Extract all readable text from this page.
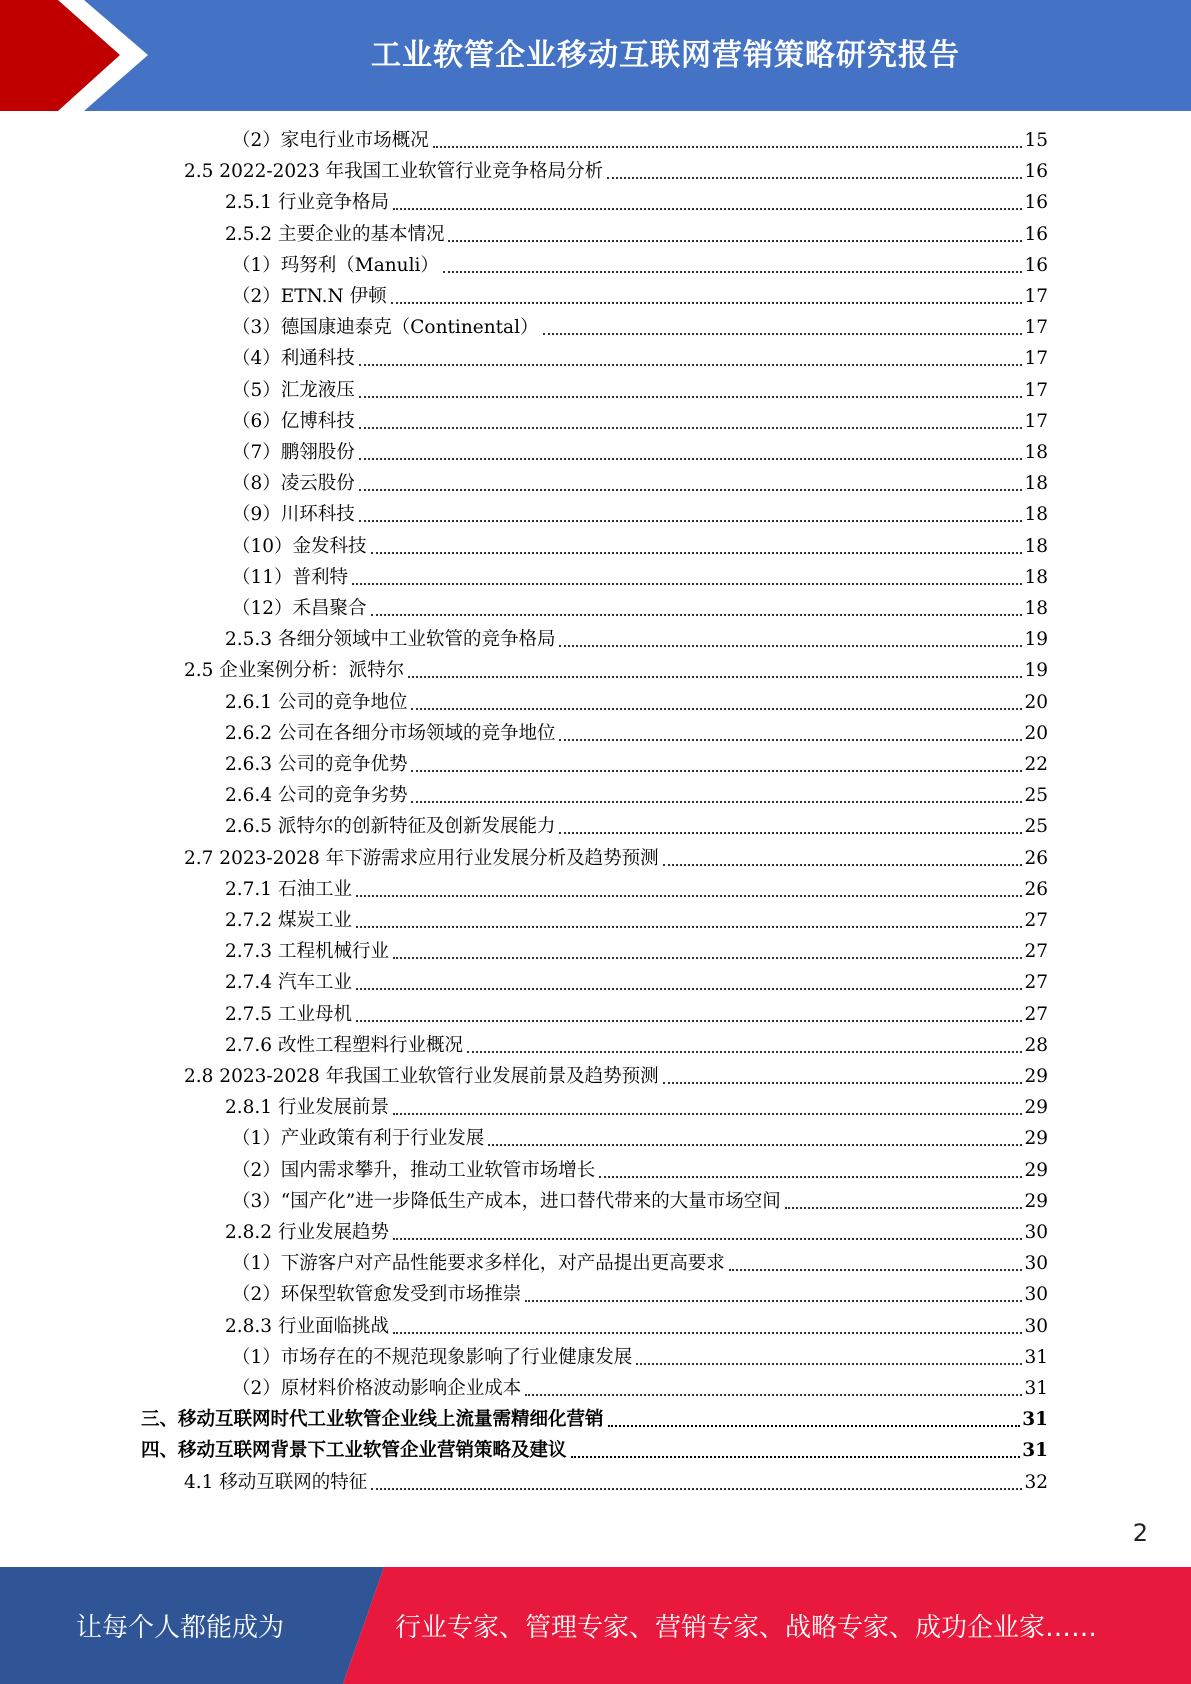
工业软管企业移动互联网营销策略研究报告
（2）家电行业市场概况	15
2.5 2022-2023 年我国工业软管行业竞争格局分析	16
2.5.1 行业竞争格局	16
2.5.2 主要企业的基本情况	16
（1）玛努利（Manuli）	16
（2）ETN.N 伊顿	17
（3）德国康迪泰克（Continental）	17
（4）利通科技	17
（5）汇龙液压	17
（6）亿博科技	17
（7）鹏翎股份	18
（8）凌云股份	18
（9）川环科技	18
（10）金发科技	18
（11）普利特	18
（12）禾昌聚合	18
2.5.3 各细分领域中工业软管的竞争格局	19
2.5 企业案例分析：派特尔	19
2.6.1 公司的竞争地位	20
2.6.2 公司在各细分市场领域的竞争地位	20
2.6.3 公司的竞争优势	22
2.6.4 公司的竞争劣势	25
2.6.5 派特尔的创新特征及创新发展能力	25
2.7 2023-2028 年下游需求应用行业发展分析及趋势预测	26
2.7.1 石油工业	26
2.7.2 煤炭工业	27
2.7.3 工程机械行业	27
2.7.4 汽车工业	27
2.7.5 工业母机	27
2.7.6 改性工程塑料行业概况	28
2.8 2023-2028 年我国工业软管行业发展前景及趋势预测	29
2.8.1 行业发展前景	29
（1）产业政策有利于行业发展	29
（2）国内需求攀升，推动工业软管市场增长	29
（3）“国产化”进一步降低生产成本，进口替代带来的大量市场空间	29
2.8.2 行业发展趋势	30
（1）下游客户对产品性能要求多样化，对产品提出更高要求	30
（2）环保型软管愈发受到市场推崇	30
2.8.3 行业面临挑战	30
（1）市场存在的不规范现象影响了行业健康发展	31
（2）原材料价格波动影响企业成本	31
三、移动互联网时代工业软管企业线上流量需精细化营销	31
四、移动互联网背景下工业软管企业营销策略及建议	31
4.1 移动互联网的特征	32
2
让每个人都能成为	行业专家、管理专家、营销专家、战略专家、成功企业家……
